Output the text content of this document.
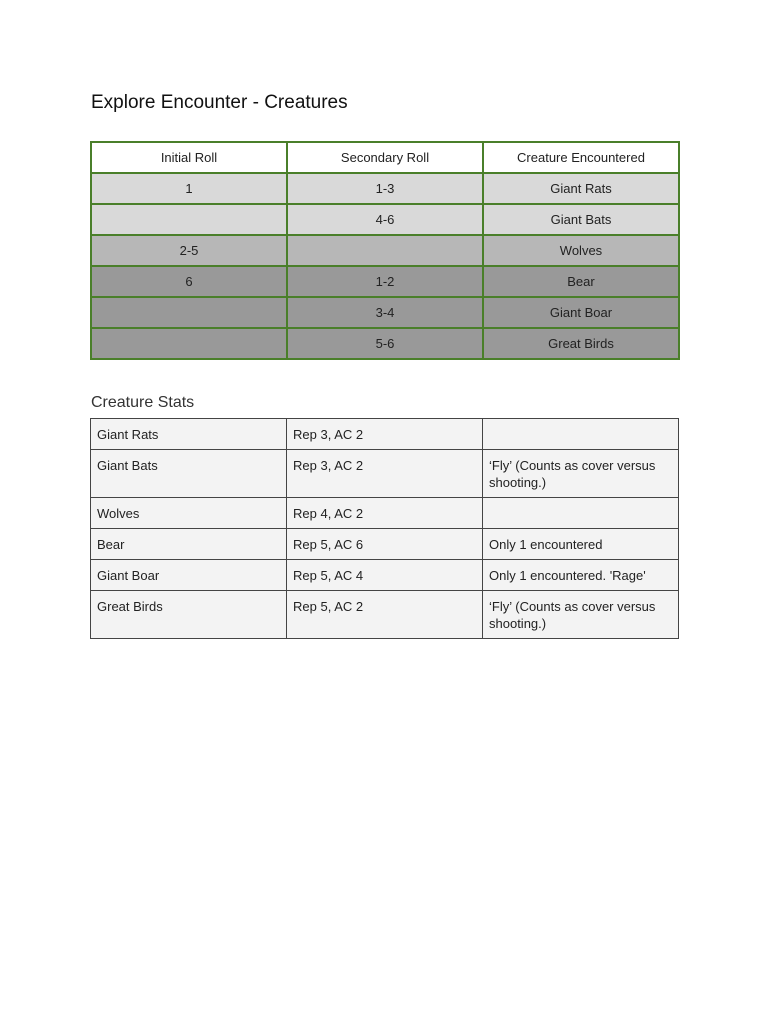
Explore Encounter - Creatures
Initial Roll	Secondary Roll	Creature Encountered
1	1-3	Giant Rats
	4-6	Giant Bats
2-5		Wolves
6	1-2	Bear
	3-4	Giant Boar
	5-6	Great Birds
Creature Stats
Giant Rats	Rep 3, AC 2	
Giant Bats	Rep 3, AC 2	‘Fly’ (Counts as cover versus shooting.)
Wolves	Rep 4, AC 2	
Bear	Rep 5, AC 6	Only 1 encountered
Giant Boar	Rep 5, AC 4	Only 1 encountered. 'Rage'
Great Birds	Rep 5, AC 2	‘Fly’ (Counts as cover versus shooting.)
